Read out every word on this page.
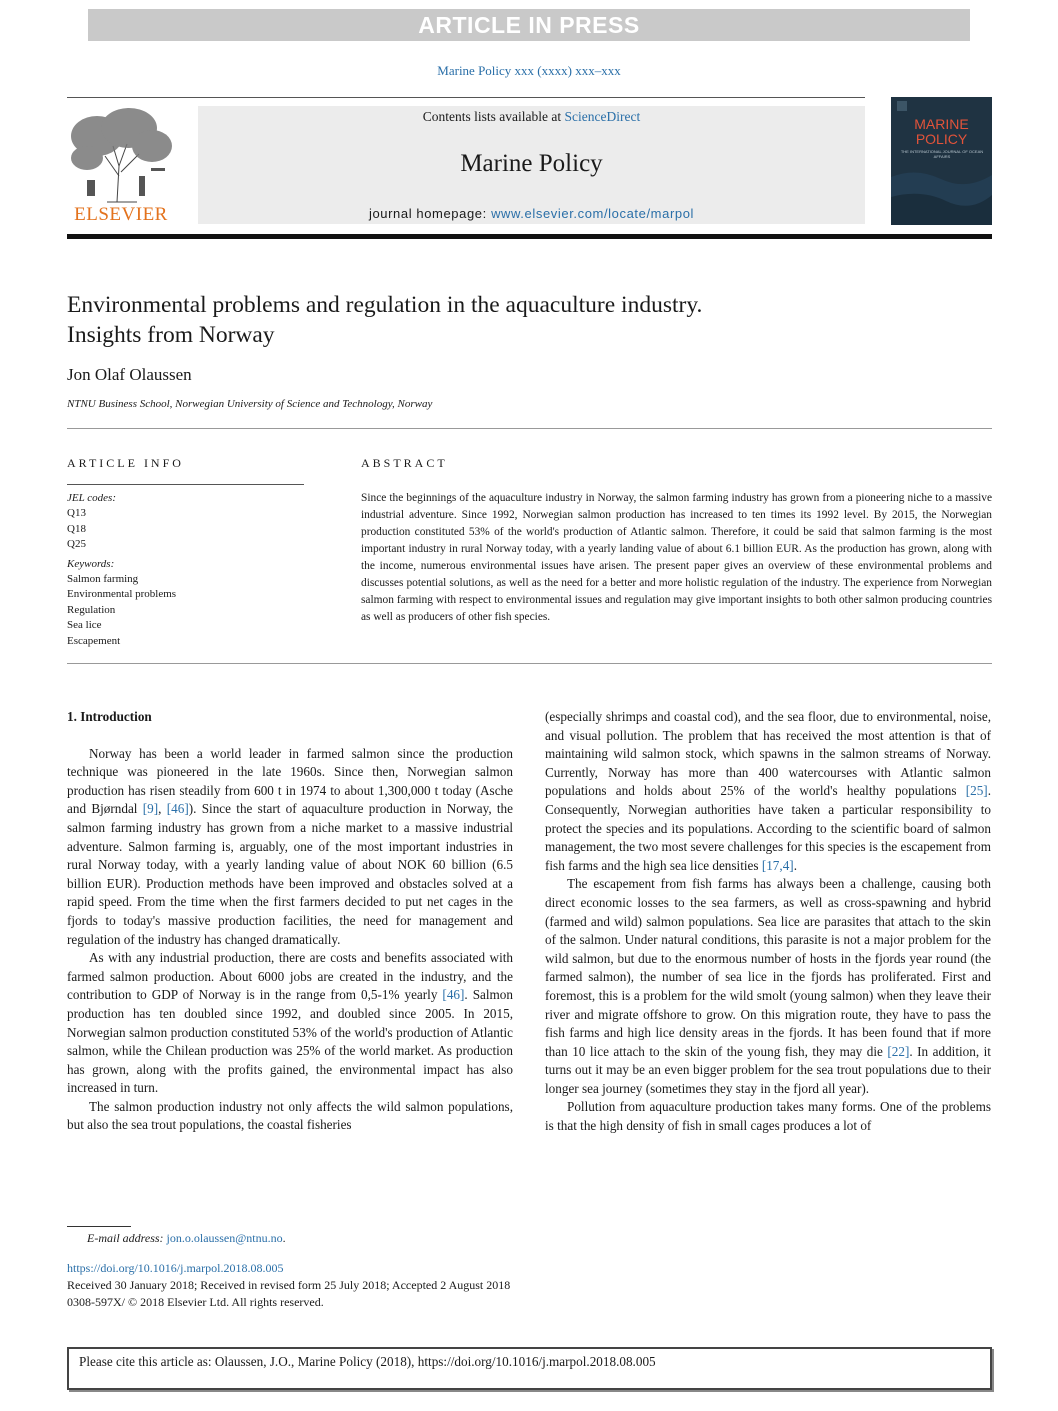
ARTICLE IN PRESS
Marine Policy xxx (xxxx) xxx–xxx
ELSEVIER
Contents lists available at ScienceDirect
Marine Policy
journal homepage: www.elsevier.com/locate/marpol
MARINE
POLICY
THE INTERNATIONAL JOURNAL OF OCEAN AFFAIRS
Environmental problems and regulation in the aquaculture industry.
Insights from Norway
Jon Olaf Olaussen
NTNU Business School, Norwegian University of Science and Technology, Norway
ARTICLE INFO	ABSTRACT
JEL codes:
Q13
Q18
Q25
Keywords:
Salmon farming
Environmental problems
Regulation
Sea lice
Escapement
Since the beginnings of the aquaculture industry in Norway, the salmon farming industry has grown from a pioneering niche to a massive industrial adventure. Since 1992, Norwegian salmon production has increased to ten times its 1992 level. By 2015, the Norwegian production constituted 53% of the world's production of Atlantic salmon. Therefore, it could be said that salmon farming is the most important industry in rural Norway today, with a yearly landing value of about 6.1 billion EUR. As the production has grown, along with the income, numerous environmental issues have arisen. The present paper gives an overview of these environmental problems and discusses potential solutions, as well as the need for a better and more holistic regulation of the industry. The experience from Norwegian salmon farming with respect to environmental issues and regulation may give important insights to both other salmon producing countries as well as producers of other fish species.
1. Introduction

Norway has been a world leader in farmed salmon since the production technique was pioneered in the late 1960s. Since then, Norwegian salmon production has risen steadily from 600 t in 1974 to about 1,300,000 t today (Asche and Bjørndal [9], [46]). Since the start of aquaculture production in Norway, the salmon farming industry has grown from a niche market to a massive industrial adventure. Salmon farming is, arguably, one of the most important industries in rural Norway today, with a yearly landing value of about NOK 60 billion (6.5 billion EUR). Production methods have been improved and obstacles solved at a rapid speed. From the time when the first farmers decided to put net cages in the fjords to today's massive production facilities, the need for management and regulation of the industry has changed dramatically.

As with any industrial production, there are costs and benefits associated with farmed salmon production. About 6000 jobs are created in the industry, and the contribution to GDP of Norway is in the range from 0,5-1% yearly [46]. Salmon production has ten doubled since 1992, and doubled since 2005. In 2015, Norwegian salmon production constituted 53% of the world's production of Atlantic salmon, while the Chilean production was 25% of the world market. As production has grown, along with the profits gained, the environmental impact has also increased in turn.

The salmon production industry not only affects the wild salmon populations, but also the sea trout populations, the coastal fisheries

(especially shrimps and coastal cod), and the sea floor, due to environmental, noise, and visual pollution. The problem that has received the most attention is that of maintaining wild salmon stock, which spawns in the salmon streams of Norway. Currently, Norway has more than 400 watercourses with Atlantic salmon populations and holds about 25% of the world's healthy populations [25]. Consequently, Norwegian authorities have taken a particular responsibility to protect the species and its populations. According to the scientific board of salmon management, the two most severe challenges for this species is the escapement from fish farms and the high sea lice densities [17,4].

The escapement from fish farms has always been a challenge, causing both direct economic losses to the sea farmers, as well as cross-spawning and hybrid (farmed and wild) salmon populations. Sea lice are parasites that attach to the skin of the salmon. Under natural conditions, this parasite is not a major problem for the wild salmon, but due to the enormous number of hosts in the fjords year round (the farmed salmon), the number of sea lice in the fjords has proliferated. First and foremost, this is a problem for the wild smolt (young salmon) when they leave their river and migrate offshore to grow. On this migration route, they have to pass the fish farms and high lice density areas in the fjords. It has been found that if more than 10 lice attach to the skin of the young fish, they may die [22]. In addition, it turns out it may be an even bigger problem for the sea trout populations due to their longer sea journey (sometimes they stay in the fjord all year).

Pollution from aquaculture production takes many forms. One of the problems is that the high density of fish in small cages produces a lot of

E-mail address: jon.o.olaussen@ntnu.no.
https://doi.org/10.1016/j.marpol.2018.08.005
Received 30 January 2018; Received in revised form 25 July 2018; Accepted 2 August 2018
0308-597X/ © 2018 Elsevier Ltd. All rights reserved.
Please cite this article as: Olaussen, J.O., Marine Policy (2018), https://doi.org/10.1016/j.marpol.2018.08.005
